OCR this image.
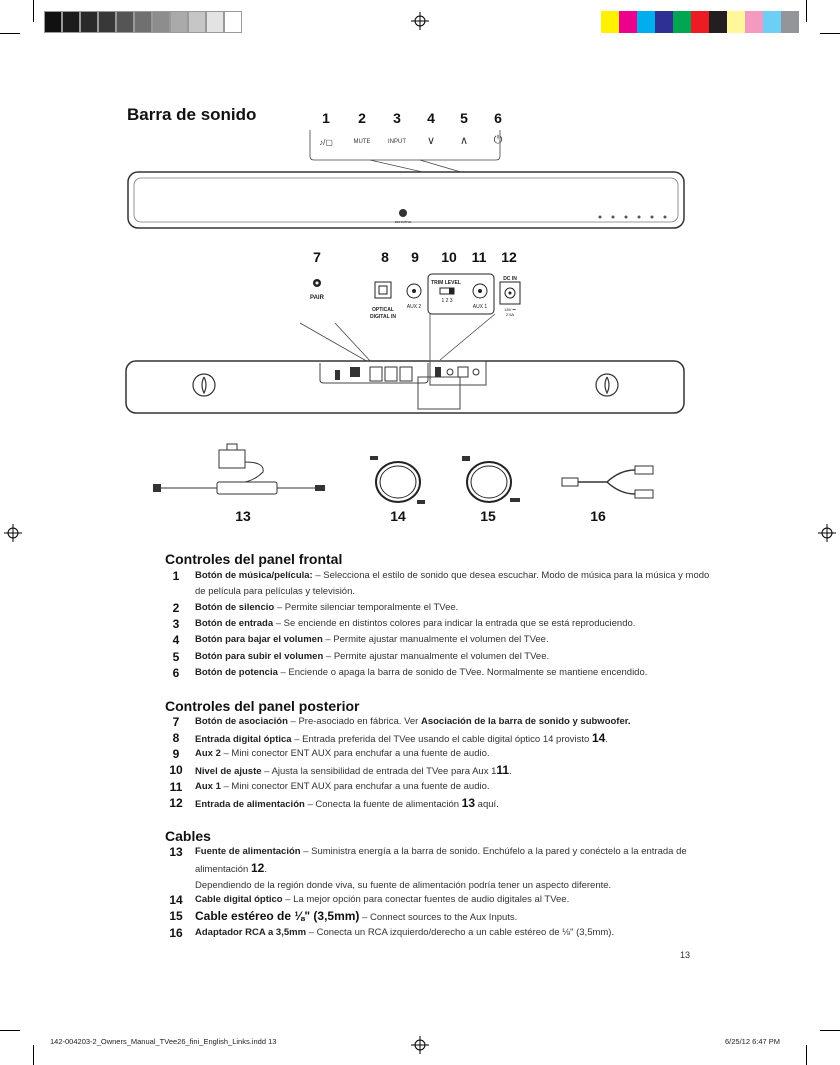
Barra de sonido	1	2	3	4	5	6
♪/▢	MUTE	INPUT	∨	∧	⏻
DEFINITIVE
7	8	9	10	11	12
PAIR
OPTICAL
DIGITAL IN
AUX 2
TRIM LEVEL
1 2 3
AUX 1
DC IN
18V ⎓
2.5A
13	14	15	16
Controles del panel frontal
1	Botón de música/película: – Selecciona el estilo de sonido que desea escuchar. Modo de música para la música y modo de película para películas y televisión.
2	Botón de silencio – Permite silenciar temporalmente el TVee.
3	Botón de entrada – Se enciende en distintos colores para indicar la entrada que se está reproduciendo.
4	Botón para bajar el volumen – Permite ajustar manualmente el volumen del TVee.
5	Botón para subir el volumen – Permite ajustar manualmente el volumen del TVee.
6	Botón de potencia – Enciende o apaga la barra de sonido de TVee. Normalmente se mantiene encendido.
Controles del panel posterior
7	Botón de asociación – Pre-asociado en fábrica. Ver Asociación de la barra de sonido y subwoofer.
8	Entrada digital óptica – Entrada preferida del TVee usando el cable digital óptico 14 provisto 14.
9	Aux 2 – Mini conector ENT AUX para enchufar a una fuente de audio.
10	Nivel de ajuste – Ajusta la sensibilidad de entrada del TVee para Aux 111.
11	Aux 1 – Mini conector ENT AUX para enchufar a una fuente de audio.
12	Entrada de alimentación – Conecta la fuente de alimentación 13 aquí.
Cables
13	Fuente de alimentación – Suministra energía a la barra de sonido. Enchúfelo a la pared y conéctelo a la entrada de alimentación 12.
Dependiendo de la región donde viva, su fuente de alimentación podría tener un aspecto diferente.
14	Cable digital óptico – La mejor opción para conectar fuentes de audio digitales al TVee.
15	Cable estéreo de ⅛" (3,5mm) – Connect sources to the Aux Inputs.
16	Adaptador RCA a 3,5mm – Conecta un RCA izquierdo/derecho a un cable estéreo de ⅛" (3,5mm).
13
142-004203-2_Owners_Manual_TVee26_fini_English_Links.indd 13	6/25/12 6:47 PM
